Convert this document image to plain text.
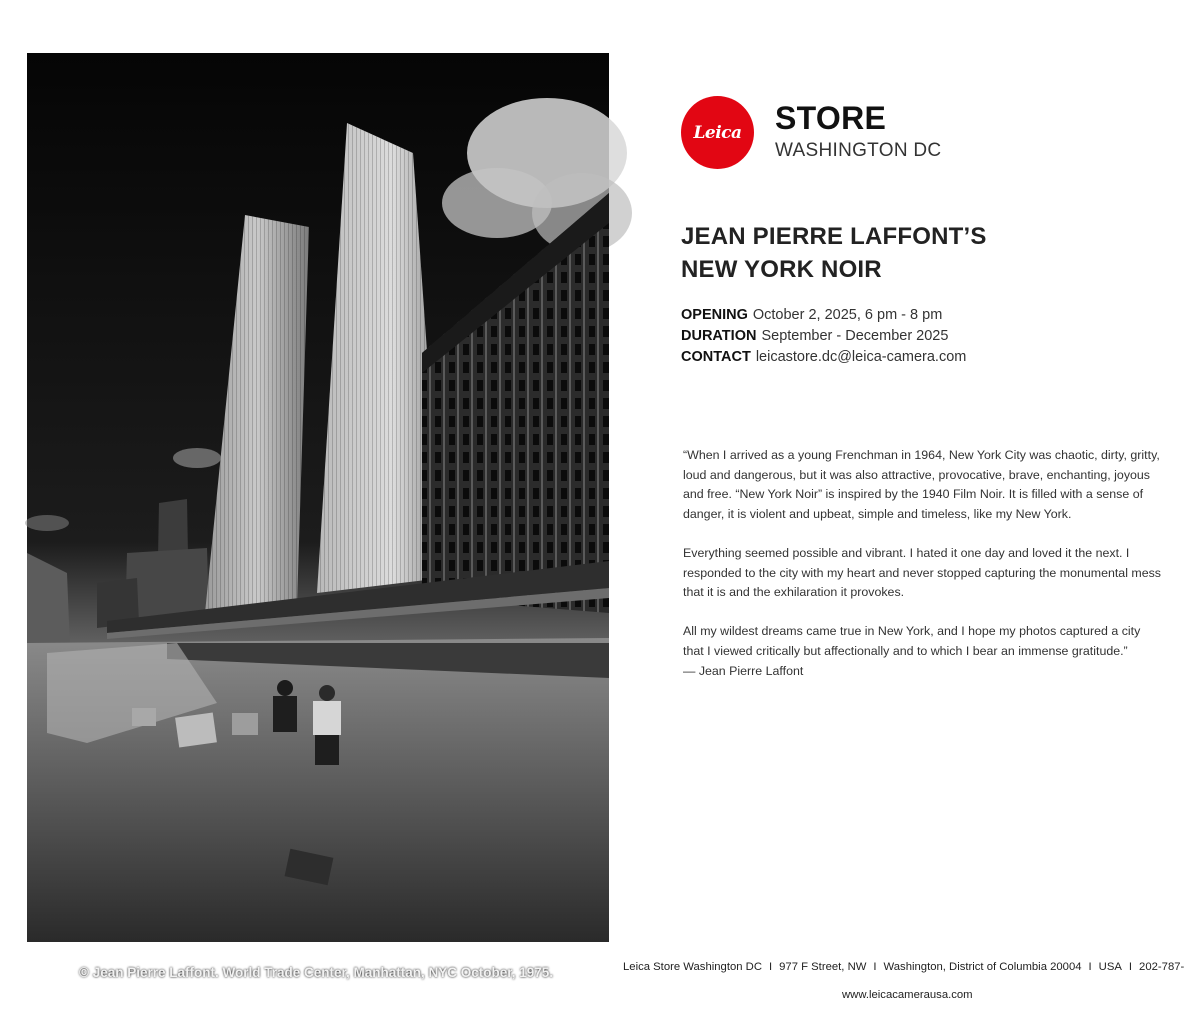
© Jean Pierre Laffont. World Trade Center, Manhattan, NYC October, 1975.
Leica STORE
WASHINGTON DC
JEAN PIERRE LAFFONT’S
NEW YORK NOIR
OPENING October 2, 2025, 6 pm - 8 pm
DURATION September - December 2025
CONTACT leicastore.dc@leica-camera.com

“When I arrived as a young Frenchman in 1964, New York City was chaotic, dirty, gritty, loud and dangerous, but it was also attractive, provocative, brave, enchanting, joyous and free. “New York Noir” is inspired by the 1940 Film Noir. It is filled with a sense of danger, it is violent and upbeat, simple and timeless, like my New York.

Everything seemed possible and vibrant. I hated it one day and loved it the next. I responded to the city with my heart and never stopped capturing the monumental mess that it is and the exhilaration it provokes.

All my wildest dreams came true in New York, and I hope my photos captured a city that I viewed critically but affectionally and to which I bear an immense gratitude.”

— Jean Pierre Laffont
Leica Store Washington DC I 977 F Street, NW I Washington, District of Columbia 20004 I USA I 202-787-
www.leicacamerausa.com
